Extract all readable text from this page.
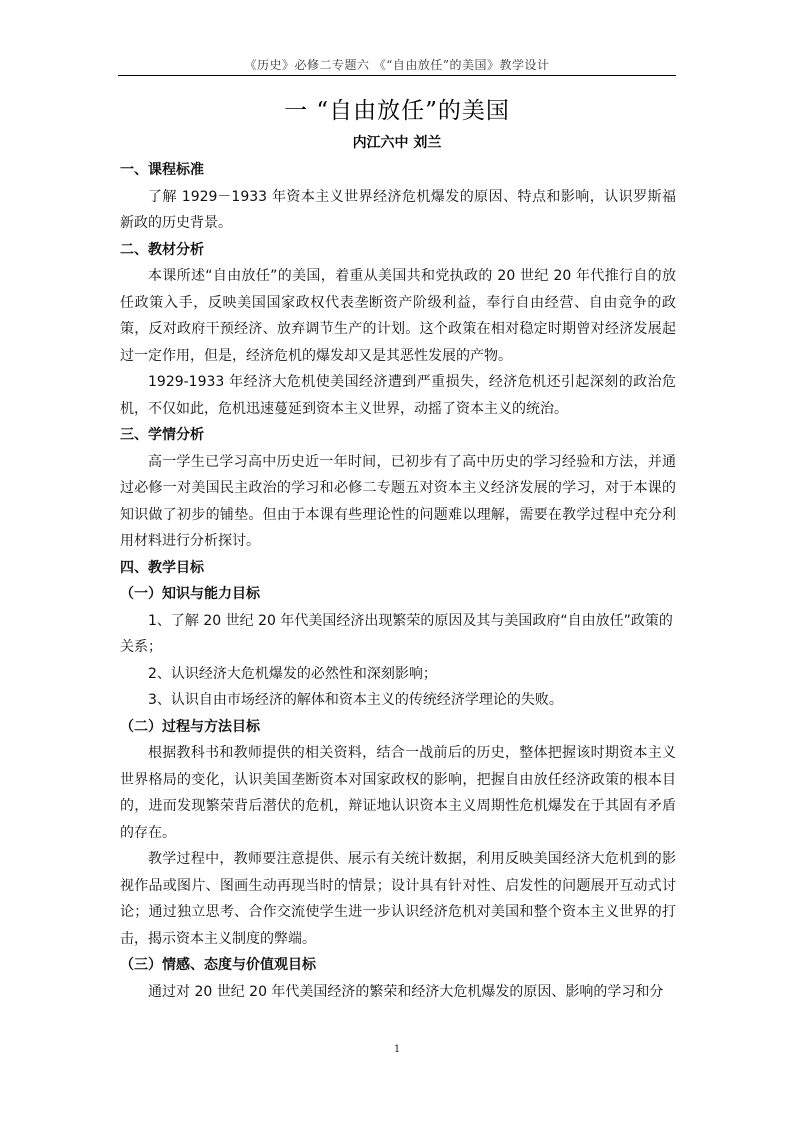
《历史》必修二专题六 《“自由放任”的美国》教学设计
一 “自由放任”的美国
内江六中 刘兰
一、课程标准

了解 1929－1933 年资本主义世界经济危机爆发的原因、特点和影响，认识罗斯福新政的历史背景。

二、教材分析

本课所述“自由放任”的美国，着重从美国共和党执政的 20 世纪 20 年代推行自的放任政策入手，反映美国国家政权代表垄断资产阶级利益，奉行自由经营、自由竞争的政策，反对政府干预经济、放弃调节生产的计划。这个政策在相对稳定时期曾对经济发展起过一定作用，但是，经济危机的爆发却又是其恶性发展的产物。

1929-1933 年经济大危机使美国经济遭到严重损失，经济危机还引起深刻的政治危机，不仅如此，危机迅速蔓延到资本主义世界，动摇了资本主义的统治。

三、学情分析

高一学生已学习高中历史近一年时间，已初步有了高中历史的学习经验和方法，并通过必修一对美国民主政治的学习和必修二专题五对资本主义经济发展的学习，对于本课的知识做了初步的铺垫。但由于本课有些理论性的问题难以理解，需要在教学过程中充分利用材料进行分析探讨。

四、教学目标
（一）知识与能力目标

1、了解 20 世纪 20 年代美国经济出现繁荣的原因及其与美国政府“自由放任”政策的关系；

2、认识经济大危机爆发的必然性和深刻影响；

3、认识自由市场经济的解体和资本主义的传统经济学理论的失败。

（二）过程与方法目标

根据教科书和教师提供的相关资料，结合一战前后的历史，整体把握该时期资本主义世界格局的变化，认识美国垄断资本对国家政权的影响，把握自由放任经济政策的根本目的，进而发现繁荣背后潜伏的危机，辩证地认识资本主义周期性危机爆发在于其固有矛盾的存在。

教学过程中，教师要注意提供、展示有关统计数据，利用反映美国经济大危机到的影视作品或图片、图画生动再现当时的情景；设计具有针对性、启发性的问题展开互动式讨论；通过独立思考、合作交流使学生进一步认识经济危机对美国和整个资本主义世界的打击，揭示资本主义制度的弊端。

（三）情感、态度与价值观目标

通过对 20 世纪 20 年代美国经济的繁荣和经济大危机爆发的原因、影响的学习和分

1
